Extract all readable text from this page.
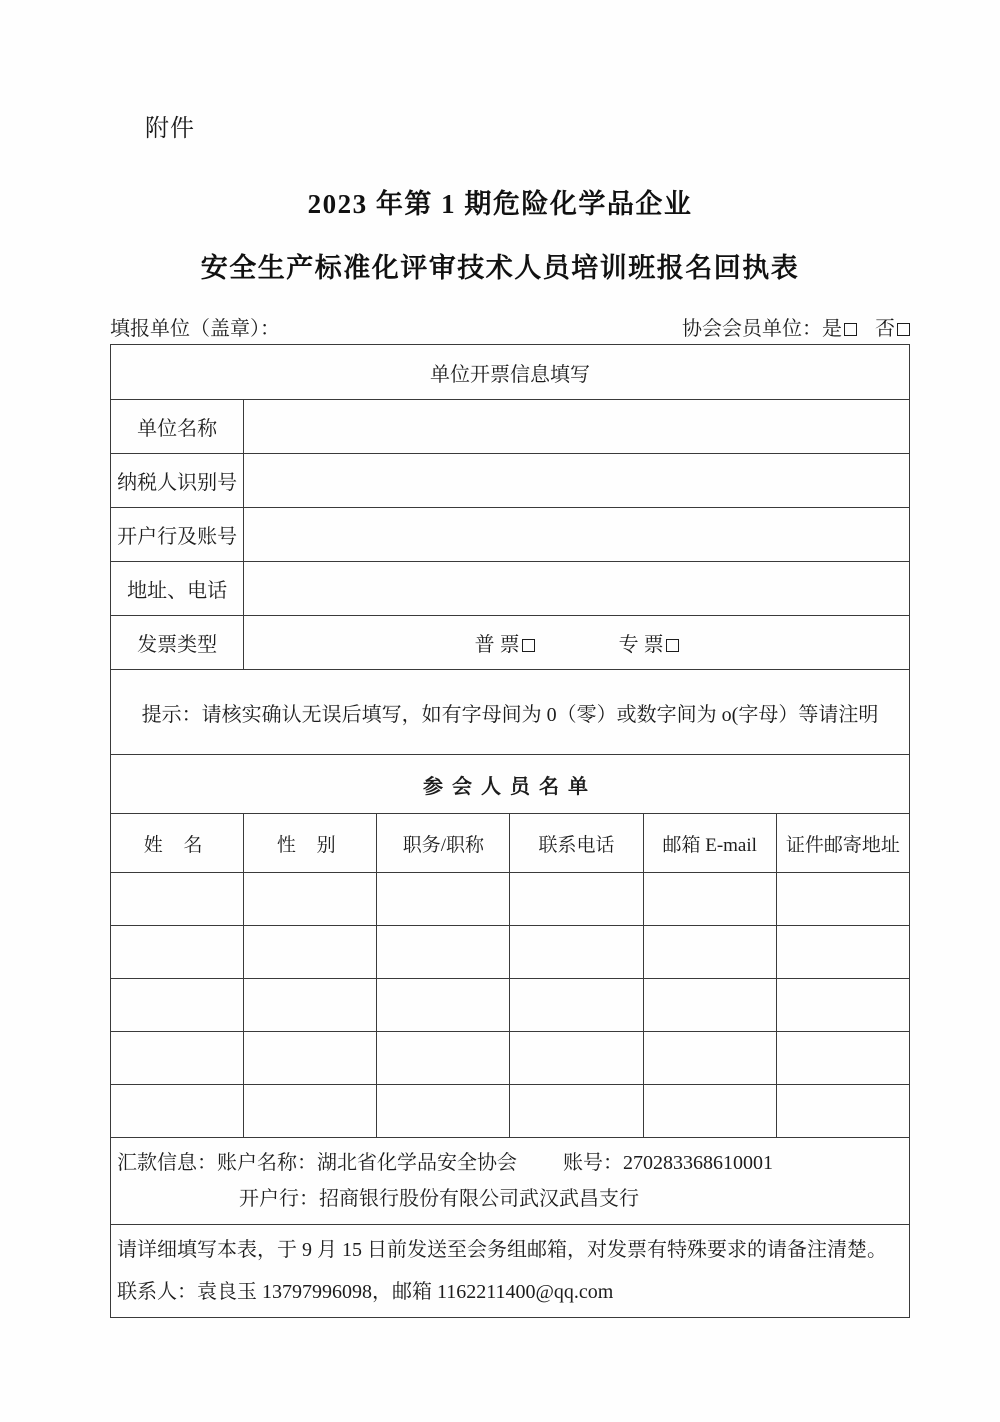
附件
2023 年第 1 期危险化学品企业
安全生产标准化评审技术人员培训班报名回执表
填报单位（盖章）：	协会会员单位：是 否
单位开票信息填写					
单位名称					
纳税人识别号					
开户行及账号					
地址、电话					
发票类型	普 票 专 票				
提示：请核实确认无误后填写，如有字母间为 0（零）或数字间为 o(字母）等请注明					
参会人员名单					
姓 名	性 别	职务/职称	联系电话	邮箱 E-mail	证件邮寄地址

汇款信息：账户名称：湖北省化学品安全协会 账号：270283368610001
开户行：招商银行股份有限公司武汉武昌支行					

请详细填写本表，于 9 月 15 日前发送至会务组邮箱，对发票有特殊要求的请备注清楚。
联系人：袁良玉 13797996098，邮箱 1162211400@qq.com					
